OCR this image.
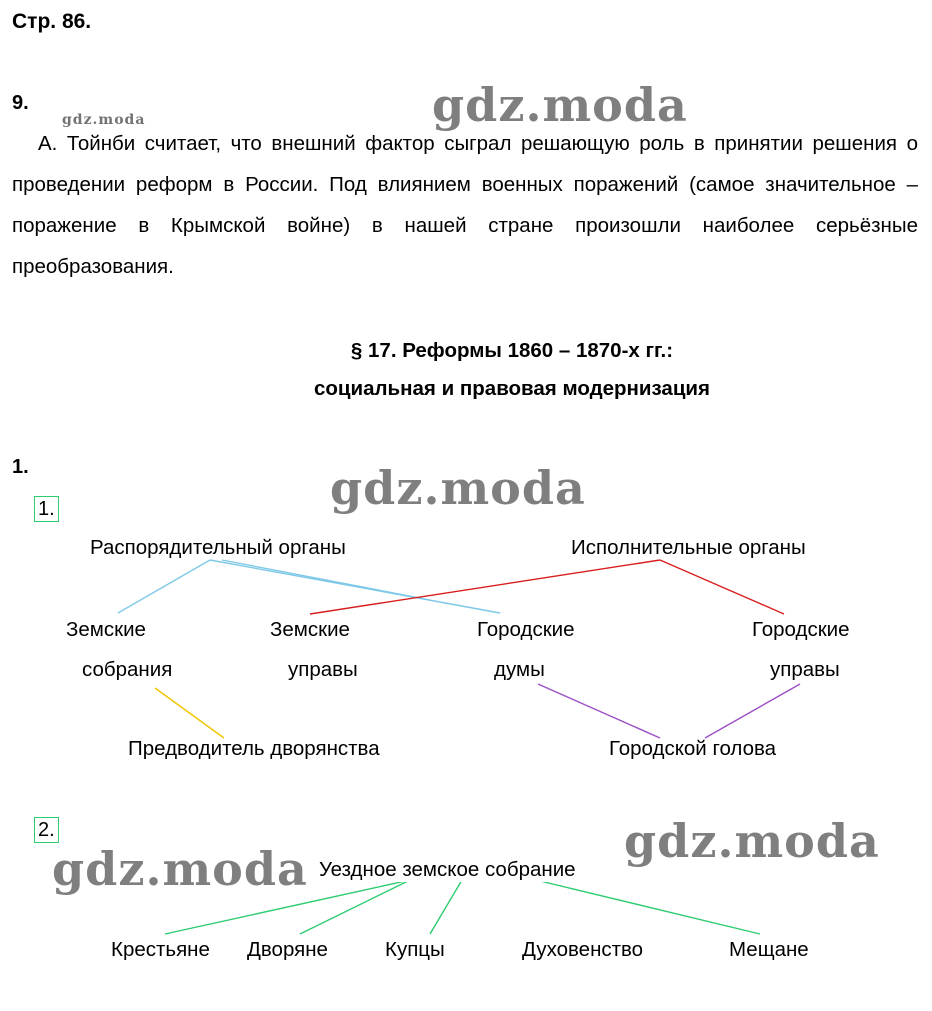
Стр. 86.
9.
gdz.moda	gdz.moda
А. Тойнби считает, что внешний фактор сыграл решающую роль в принятии решения о проведении реформ в России. Под влиянием военных поражений (самое значительное – поражение в Крымской войне) в нашей стране произошли наиболее серьёзные преобразования.
§ 17. Реформы 1860 – 1870-х гг.:
социальная и правовая модернизация
1.	gdz.moda
1.
Распорядительный органы	Исполнительные органы
Земские
собрания
Земские
управы
Городские
думы
Городские
управы
Предводитель дворянства	Городской голова
2.
gdz.moda
gdz.moda
Уездное земское собрание
Крестьяне Дворяне	Купцы	Духовенство	Мещане
